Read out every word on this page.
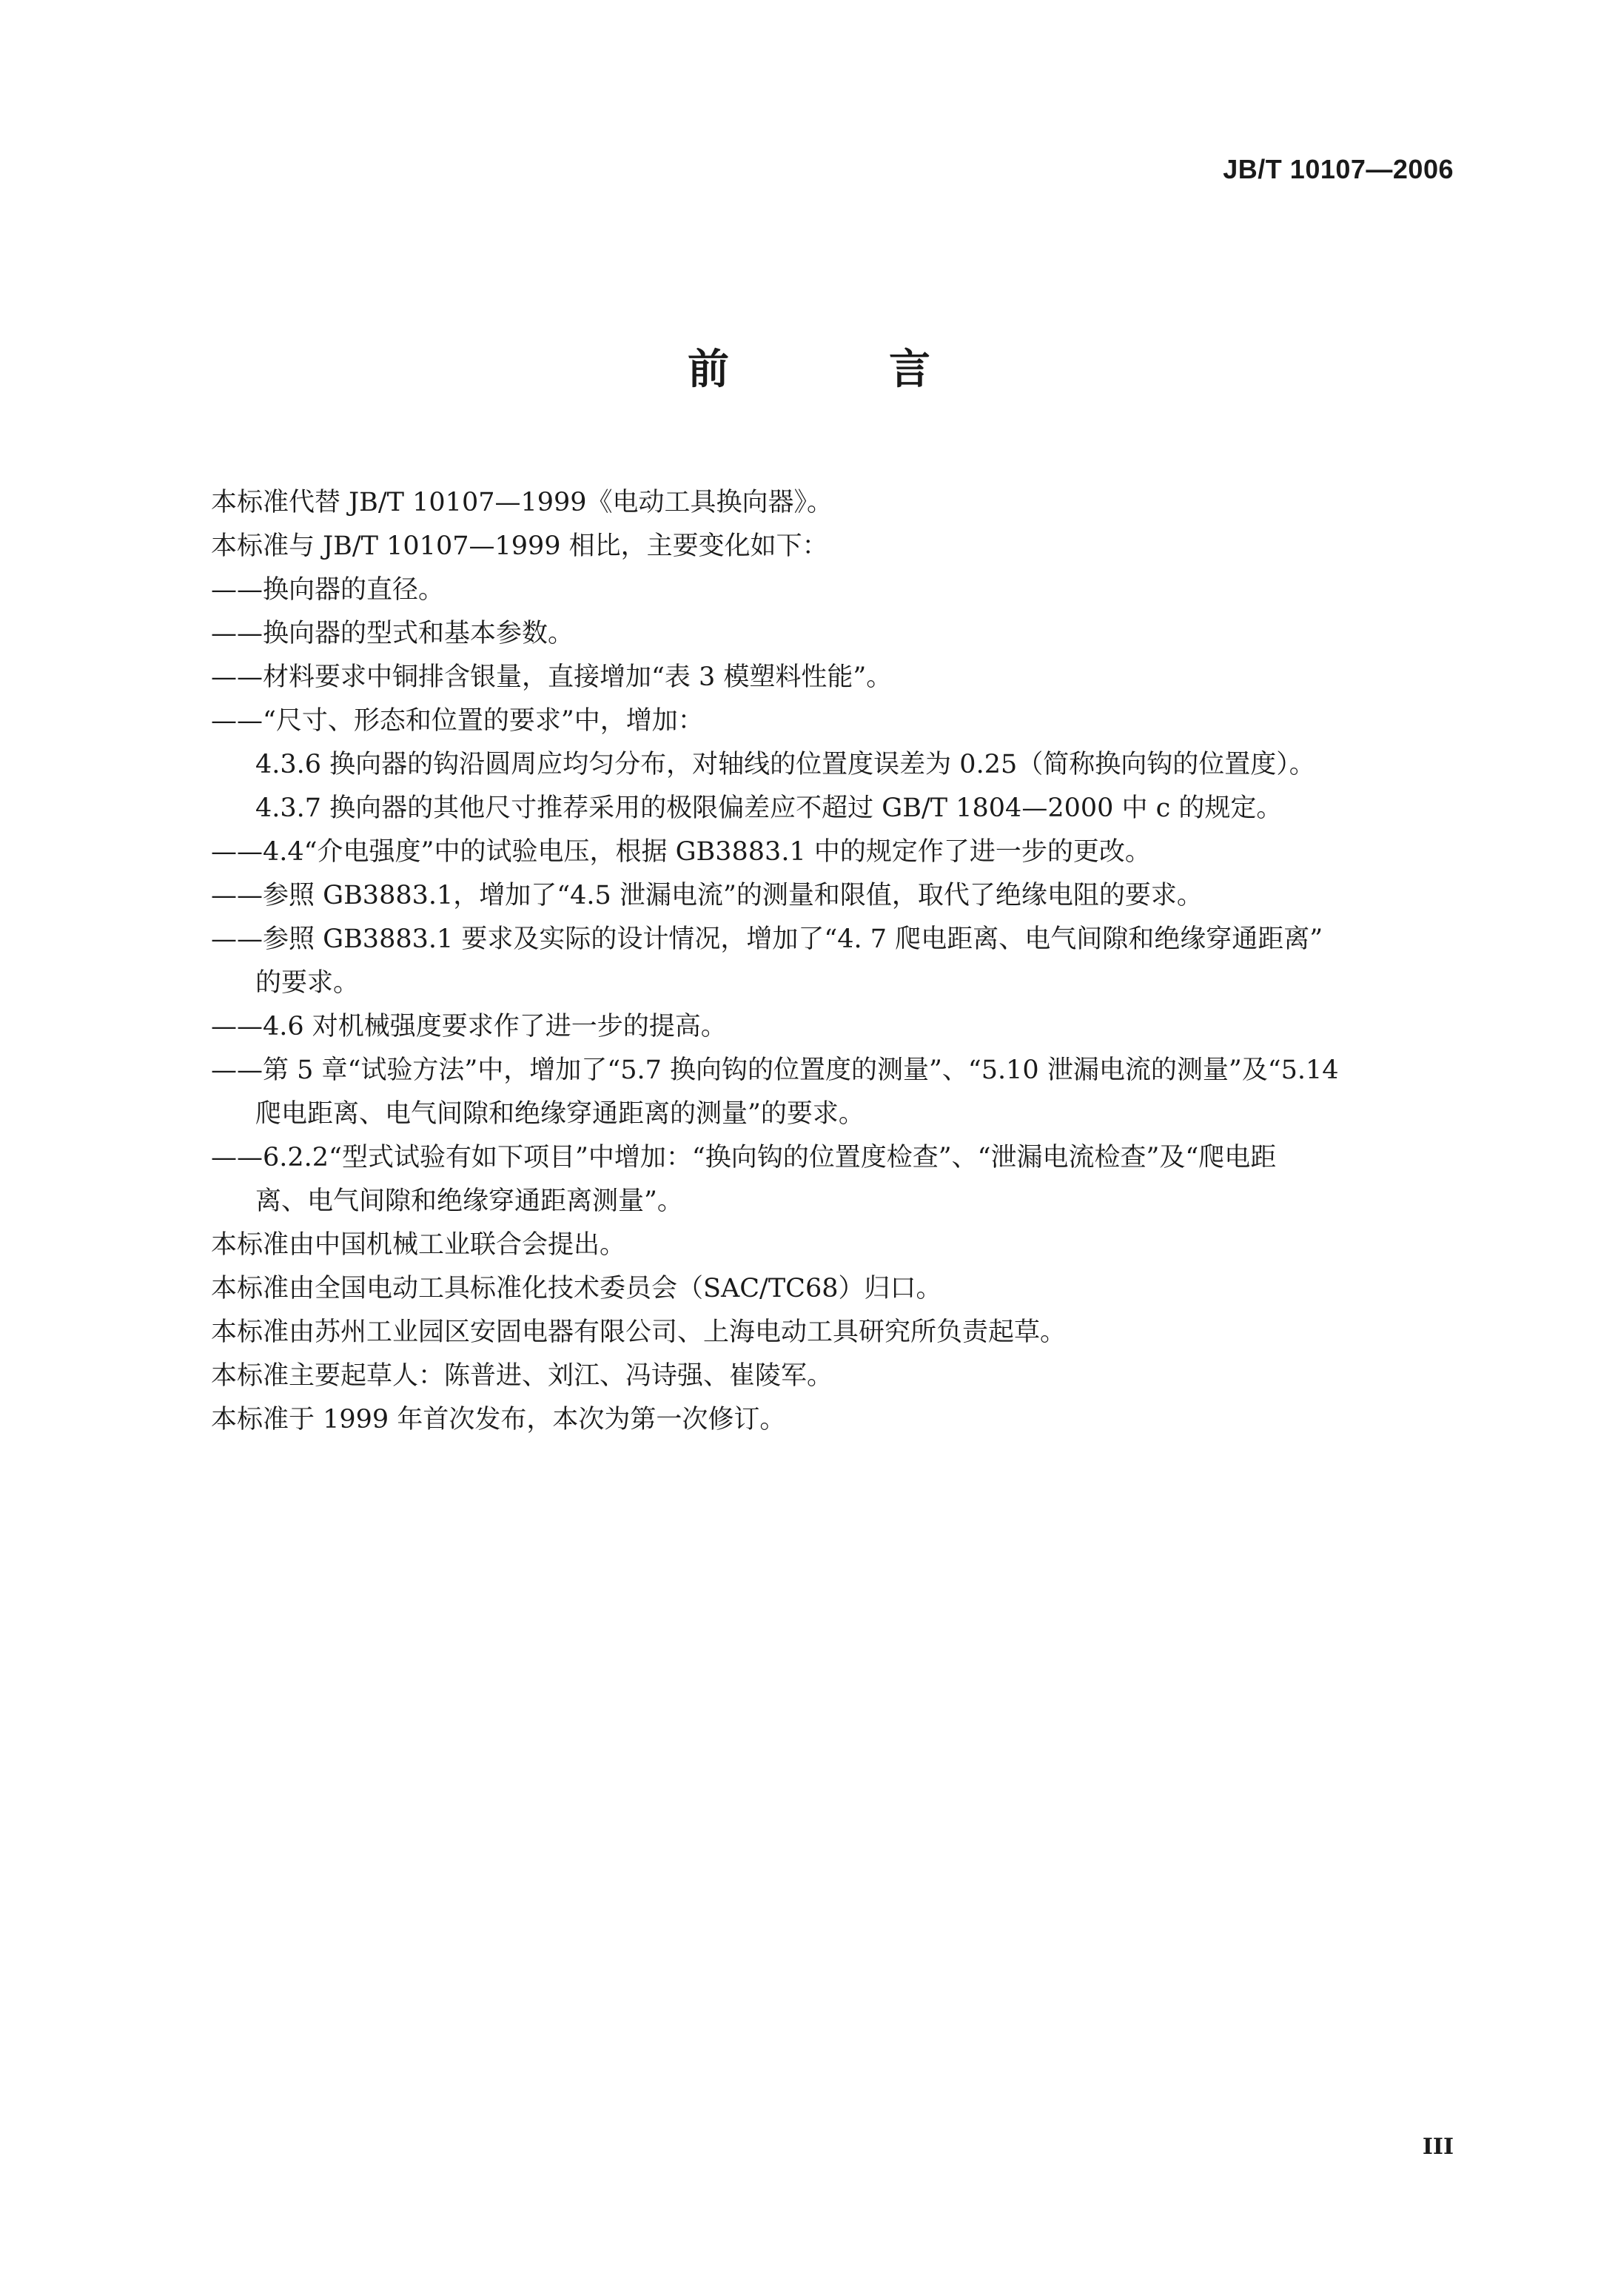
JB/T 10107—2006
前　言
本标准代替 JB/T 10107—1999《电动工具换向器》。
本标准与 JB/T 10107—1999 相比，主要变化如下：
——换向器的直径。
——换向器的型式和基本参数。
——材料要求中铜排含银量，直接增加“表 3 模塑料性能”。
——“尺寸、形态和位置的要求”中，增加：
4.3.6 换向器的钩沿圆周应均匀分布，对轴线的位置度误差为 0.25（简称换向钩的位置度）。
4.3.7 换向器的其他尺寸推荐采用的极限偏差应不超过 GB/T 1804—2000 中 c 的规定。
——4.4“介电强度”中的试验电压，根据 GB3883.1 中的规定作了进一步的更改。
——参照 GB3883.1，增加了“4.5 泄漏电流”的测量和限值，取代了绝缘电阻的要求。
——参照 GB3883.1 要求及实际的设计情况，增加了“4. 7 爬电距离、电气间隙和绝缘穿通距离”
的要求。
——4.6 对机械强度要求作了进一步的提高。
——第 5 章“试验方法”中，增加了“5.7 换向钩的位置度的测量”、“5.10 泄漏电流的测量”及“5.14
爬电距离、电气间隙和绝缘穿通距离的测量”的要求。
——6.2.2“型式试验有如下项目”中增加：“换向钩的位置度检查”、“泄漏电流检查”及“爬电距
离、电气间隙和绝缘穿通距离测量”。
本标准由中国机械工业联合会提出。
本标准由全国电动工具标准化技术委员会（SAC/TC68）归口。
本标准由苏州工业园区安固电器有限公司、上海电动工具研究所负责起草。
本标准主要起草人：陈普进、刘江、冯诗强、崔陵军。
本标准于 1999 年首次发布，本次为第一次修订。
III
